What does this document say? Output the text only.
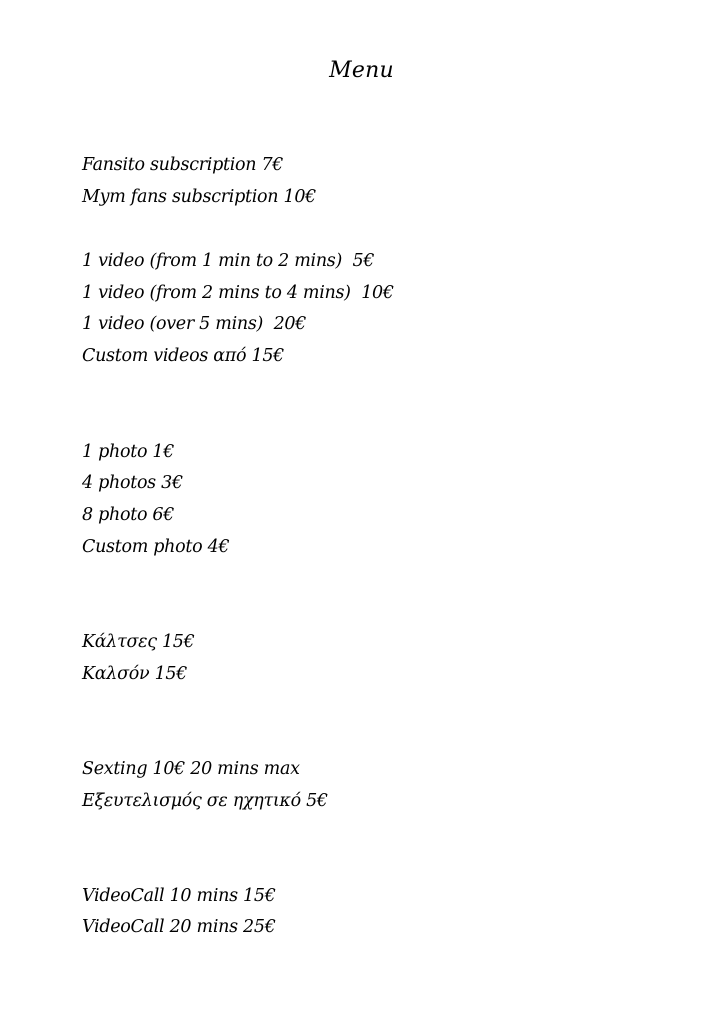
Menu
Fansito subscription 7€
Mym fans subscription 10€
1 video (from 1 min to 2 mins)  5€
1 video (from 2 mins to 4 mins)  10€
1 video (over 5 mins)  20€
Custom videos από 15€
1 photo 1€
4 photos 3€
8 photo 6€
Custom photo 4€
Κάλτσες 15€
Καλσόν 15€
Sexting 10€ 20 mins max
Εξευτελισμός σε ηχητικό 5€
VideoCall 10 mins 15€
VideoCall 20 mins 25€
